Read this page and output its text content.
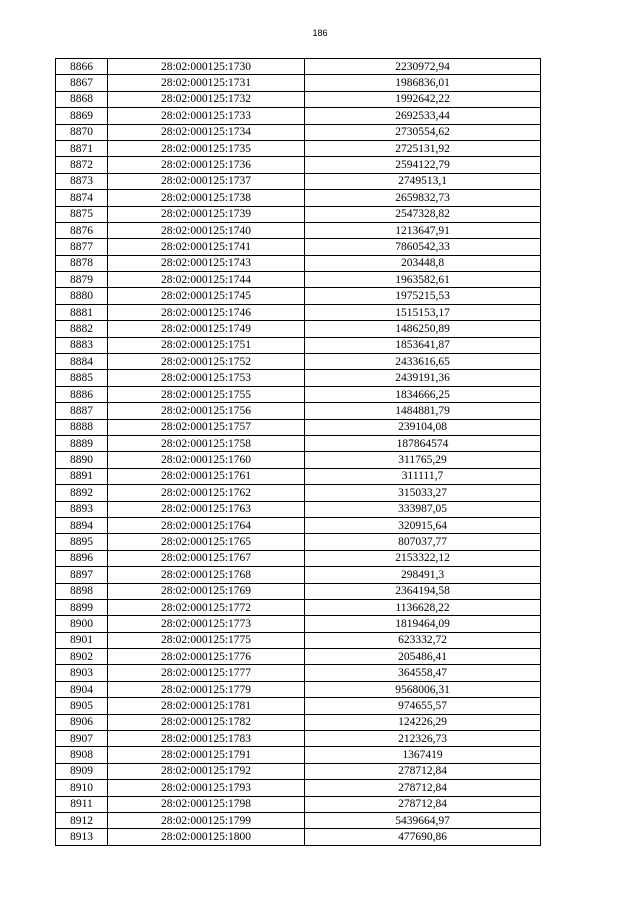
186
8866	28:02:000125:1730	2230972,94
8867	28:02:000125:1731	1986836,01
8868	28:02:000125:1732	1992642,22
8869	28:02:000125:1733	2692533,44
8870	28:02:000125:1734	2730554,62
8871	28:02:000125:1735	2725131,92
8872	28:02:000125:1736	2594122,79
8873	28:02:000125:1737	2749513,1
8874	28:02:000125:1738	2659832,73
8875	28:02:000125:1739	2547328,82
8876	28:02:000125:1740	1213647,91
8877	28:02:000125:1741	7860542,33
8878	28:02:000125:1743	203448,8
8879	28:02:000125:1744	1963582,61
8880	28:02:000125:1745	1975215,53
8881	28:02:000125:1746	1515153,17
8882	28:02:000125:1749	1486250,89
8883	28:02:000125:1751	1853641,87
8884	28:02:000125:1752	2433616,65
8885	28:02:000125:1753	2439191,36
8886	28:02:000125:1755	1834666,25
8887	28:02:000125:1756	1484881,79
8888	28:02:000125:1757	239104,08
8889	28:02:000125:1758	187864574
8890	28:02:000125:1760	311765,29
8891	28:02:000125:1761	311111,7
8892	28:02:000125:1762	315033,27
8893	28:02:000125:1763	333987,05
8894	28:02:000125:1764	320915,64
8895	28:02:000125:1765	807037,77
8896	28:02:000125:1767	2153322,12
8897	28:02:000125:1768	298491,3
8898	28:02:000125:1769	2364194,58
8899	28:02:000125:1772	1136628,22
8900	28:02:000125:1773	1819464,09
8901	28:02:000125:1775	623332,72
8902	28:02:000125:1776	205486,41
8903	28:02:000125:1777	364558,47
8904	28:02:000125:1779	9568006,31
8905	28:02:000125:1781	974655,57
8906	28:02:000125:1782	124226,29
8907	28:02:000125:1783	212326,73
8908	28:02:000125:1791	1367419
8909	28:02:000125:1792	278712,84
8910	28:02:000125:1793	278712,84
8911	28:02:000125:1798	278712,84
8912	28:02:000125:1799	5439664,97
8913	28:02:000125:1800	477690,86
